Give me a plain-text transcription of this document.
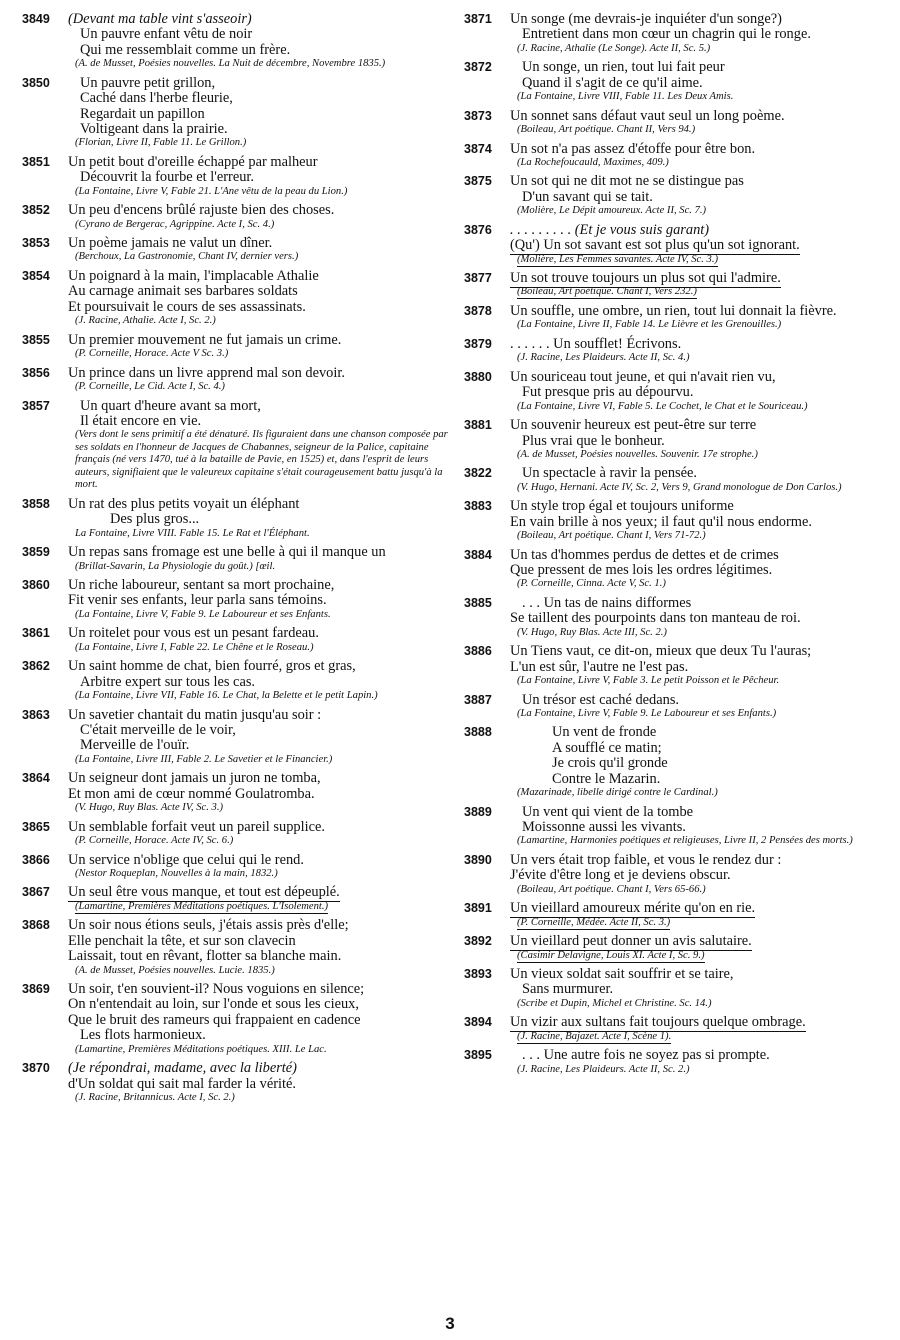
3849	(Devant ma table vint s'asseoir)
Un pauvre enfant vêtu de noir
Qui me ressemblait comme un frère.
(A. de Musset, Poésies nouvelles. La Nuit de décembre, Novembre 1835.)
3850	Un pauvre petit grillon,
Caché dans l'herbe fleurie,
Regardait un papillon
Voltigeant dans la prairie.
(Florian, Livre II, Fable 11. Le Grillon.)
3851	Un petit bout d'oreille échappé par malheur
Découvrit la fourbe et l'erreur.
(La Fontaine, Livre V, Fable 21. L'Ane vêtu de la peau du Lion.)
3852	Un peu d'encens brûlé rajuste bien des choses.
(Cyrano de Bergerac, Agrippine. Acte I, Sc. 4.)
3853	Un poème jamais ne valut un dîner.
(Berchoux, La Gastronomie, Chant IV, dernier vers.)
3854	Un poignard à la main, l'implacable Athalie
Au carnage animait ses barbares soldats
Et poursuivait le cours de ses assassinats.
(J. Racine, Athalie. Acte I, Sc. 2.)
3855	Un premier mouvement ne fut jamais un crime.
(P. Corneille, Horace. Acte V Sc. 3.)
3856	Un prince dans un livre apprend mal son devoir.
(P. Corneille, Le Cid. Acte I, Sc. 4.)
3857	Un quart d'heure avant sa mort,
Il était encore en vie.
(Vers dont le sens primitif a été dénaturé. Ils figuraient dans une chanson composée par ses soldats en l'honneur de Jacques de Chabannes, seigneur de la Palice, capitaine français (né vers 1470, tué à la bataille de Pavie, en 1525) et, dans l'esprit de leurs auteurs, signifiaient que le valeureux capitaine s'était courageusement battu jusqu'à la mort.
3858	Un rat des plus petits voyait un éléphant
Des plus gros...
La Fontaine, Livre VIII. Fable 15. Le Rat et l'Éléphant.
3859	Un repas sans fromage est une belle à qui il manque un
(Brillat-Savarin, La Physiologie du goût.) [œil.
3860	Un riche laboureur, sentant sa mort prochaine,
Fit venir ses enfants, leur parla sans témoins.
(La Fontaine, Livre V, Fable 9. Le Laboureur et ses Enfants.
3861	Un roitelet pour vous est un pesant fardeau.
(La Fontaine, Livre I, Fable 22. Le Chêne et le Roseau.)
3862	Un saint homme de chat, bien fourré, gros et gras,
Arbitre expert sur tous les cas.
(La Fontaine, Livre VII, Fable 16. Le Chat, la Belette et le petit Lapin.)
3863	Un savetier chantait du matin jusqu'au soir :
C'était merveille de le voir,
Merveille de l'ouïr.
(La Fontaine, Livre III, Fable 2. Le Savetier et le Financier.)
3864	Un seigneur dont jamais un juron ne tomba,
Et mon ami de cœur nommé Goulatromba.
(V. Hugo, Ruy Blas. Acte IV, Sc. 3.)
3865	Un semblable forfait veut un pareil supplice.
(P. Corneille, Horace. Acte IV, Sc. 6.)
3866	Un service n'oblige que celui qui le rend.
(Nestor Roqueplan, Nouvelles à la main, 1832.)
3867	Un seul être vous manque, et tout est dépeuplé.
(Lamartine, Premières Méditations poétiques. L'Isolement.)
3868	Un soir nous étions seuls, j'étais assis près d'elle;
Elle penchait la tête, et sur son clavecin
Laissait, tout en rêvant, flotter sa blanche main.
(A. de Musset, Poésies nouvelles. Lucie. 1835.)
3869	Un soir, t'en souvient-il? Nous voguions en silence;
On n'entendait au loin, sur l'onde et sous les cieux,
Que le bruit des rameurs qui frappaient en cadence
Les flots harmonieux.
(Lamartine, Premières Méditations poétiques. XIII. Le Lac.
3870	(Je répondrai, madame, avec la liberté)
d'Un soldat qui sait mal farder la vérité.
(J. Racine, Britannicus. Acte I, Sc. 2.)
3871	Un songe (me devrais-je inquiéter d'un songe?)
Entretient dans mon cœur un chagrin qui le ronge.
(J. Racine, Athalie (Le Songe). Acte II, Sc. 5.)
3872	Un songe, un rien, tout lui fait peur
Quand il s'agit de ce qu'il aime.
(La Fontaine, Livre VIII, Fable 11. Les Deux Amis.
3873	Un sonnet sans défaut vaut seul un long poème.
(Boileau, Art poétique. Chant II, Vers 94.)
3874	Un sot n'a pas assez d'étoffe pour être bon.
(La Rochefoucauld, Maximes, 409.)
3875	Un sot qui ne dit mot ne se distingue pas
D'un savant qui se tait.
(Molière, Le Dépit amoureux. Acte II, Sc. 7.)
3876	. . . . . . . . . (Et je vous suis garant)
(Qu') Un sot savant est sot plus qu'un sot ignorant.
(Molière, Les Femmes savantes. Acte IV, Sc. 3.)
3877	Un sot trouve toujours un plus sot qui l'admire.
(Boileau, Art poétique. Chant I, Vers 232.)
3878	Un souffle, une ombre, un rien, tout lui donnait la fièvre.
(La Fontaine, Livre II, Fable 14. Le Lièvre et les Grenouilles.)
3879	. . . . . . Un soufflet! Écrivons.
(J. Racine, Les Plaideurs. Acte II, Sc. 4.)
3880	Un souriceau tout jeune, et qui n'avait rien vu,
Fut presque pris au dépourvu.
(La Fontaine, Livre VI, Fable 5. Le Cochet, le Chat et le Souriceau.)
3881	Un souvenir heureux est peut-être sur terre
Plus vrai que le bonheur.
(A. de Musset, Poésies nouvelles. Souvenir. 17e strophe.)
3822	Un spectacle à ravir la pensée.
(V. Hugo, Hernani. Acte IV, Sc. 2, Vers 9, Grand monologue de Don Carlos.)
3883	Un style trop égal et toujours uniforme
En vain brille à nos yeux; il faut qu'il nous endorme.
(Boileau, Art poétique. Chant I, Vers 71-72.)
3884	Un tas d'hommes perdus de dettes et de crimes
Que pressent de mes lois les ordres légitimes.
(P. Corneille, Cinna. Acte V, Sc. 1.)
3885	. . . Un tas de nains difformes
Se taillent des pourpoints dans ton manteau de roi.
(V. Hugo, Ruy Blas. Acte III, Sc. 2.)
3886	Un Tiens vaut, ce dit-on, mieux que deux Tu l'auras;
L'un est sûr, l'autre ne l'est pas.
(La Fontaine, Livre V, Fable 3. Le petit Poisson et le Pêcheur.
3887	Un trésor est caché dedans.
(La Fontaine, Livre V, Fable 9. Le Laboureur et ses Enfants.)
3888	Un vent de fronde
A soufflé ce matin;
Je crois qu'il gronde
Contre le Mazarin.
(Mazarinade, libelle dirigé contre le Cardinal.)
3889	Un vent qui vient de la tombe
Moissonne aussi les vivants.
(Lamartine, Harmonies poétiques et religieuses, Livre II, 2 Pensées des morts.)
3890	Un vers était trop faible, et vous le rendez dur :
J'évite d'être long et je deviens obscur.
(Boileau, Art poétique. Chant I, Vers 65-66.)
3891	Un vieillard amoureux mérite qu'on en rie.
(P. Corneille, Médée. Acte II, Sc. 3.)
3892	Un vieillard peut donner un avis salutaire.
(Casimir Delavigne, Louis XI. Acte I, Sc. 9.)
3893	Un vieux soldat sait souffrir et se taire,
Sans murmurer.
(Scribe et Dupin, Michel et Christine. Sc. 14.)
3894	Un vizir aux sultans fait toujours quelque ombrage.
(J. Racine, Bajazet. Acte I, Scène 1).
3895	. . . Une autre fois ne soyez pas si prompte.
(J. Racine, Les Plaideurs. Acte II, Sc. 2.)
3
